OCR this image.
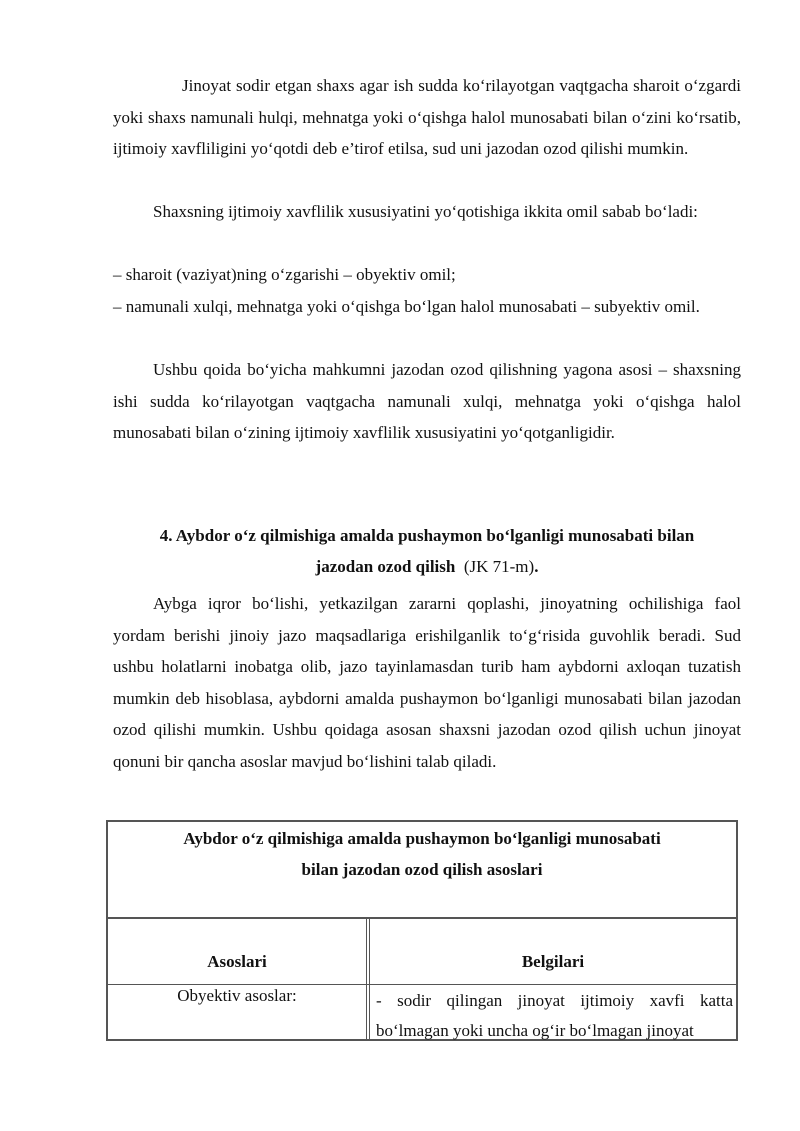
Jinoyat sodir etgan shaxs agar ish sudda ko‘rilayotgan vaqtgacha sharoit o‘zgardi yoki shaxs namunali hulqi, mehnatga yoki o‘qishga halol munosabati bilan o‘zini ko‘rsatib, ijtimoiy xavfliligini yo‘qotdi deb e’tirof etilsa, sud uni jazodan ozod qilishi mumkin.

Shaxsning ijtimoiy xavflilik xususiyatini yo‘qotishiga ikkita omil sabab bo‘ladi:

– sharoit (vaziyat)ning o‘zgarishi – obyektiv omil;

– namunali xulqi, mehnatga yoki o‘qishga bo‘lgan halol munosabati – subyektiv omil.

Ushbu qoida bo‘yicha mahkumni jazodan ozod qilishning yagona asosi – shaxsning ishi sudda ko‘rilayotgan vaqtgacha namunali xulqi, mehnatga yoki o‘qishga halol munosabati bilan o‘zining ijtimoiy xavflilik xususiyatini yo‘qotganligidir.

4. Aybdor o‘z qilmishiga amalda pushaymon bo‘lganligi munosabati bilan
jazodan ozod qilish (JK 71-m).

Aybga iqror bo‘lishi, yetkazilgan zararni qoplashi, jinoyatning ochilishiga faol yordam berishi jinoiy jazo maqsadlariga erishilganlik to‘g‘risida guvohlik beradi. Sud ushbu holatlarni inobatga olib, jazo tayinlamasdan turib ham aybdorni axloqan tuzatish mumkin deb hisoblasa, aybdorni amalda pushaymon bo‘lganligi munosabati bilan jazodan ozod qilishi mumkin. Ushbu qoidaga asosan shaxsni jazodan ozod qilish uchun jinoyat qonuni bir qancha asoslar mavjud bo‘lishini talab qiladi.

Aybdor o‘z qilmishiga amalda pushaymon bo‘lganligi munosabati
bilan jazodan ozod qilish asoslari
Asoslari	Belgilari
Obyektiv asoslar:	- sodir qilingan jinoyat ijtimoiy xavfi katta bo‘lmagan yoki uncha og‘ir bo‘lmagan jinoyat
